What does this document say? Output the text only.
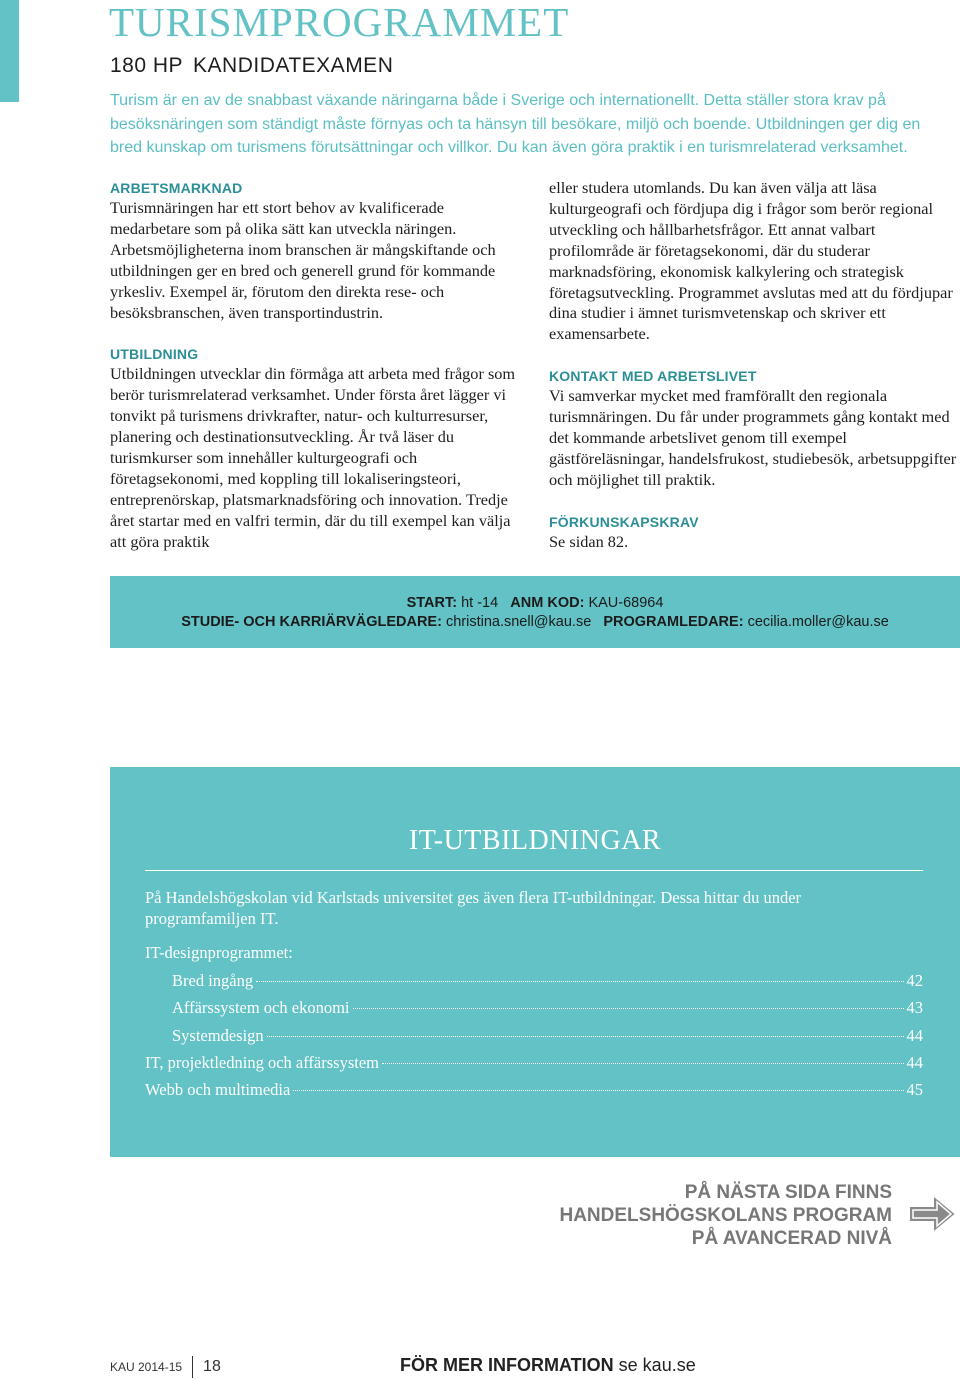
TURISMPROGRAMMET
180 HP KANDIDATEXAMEN

Turism är en av de snabbast växande näringarna både i Sverige och internationellt. Detta ställer stora krav på besöksnäringen som ständigt måste förnyas och ta hänsyn till besökare, miljö och boende. Utbildningen ger dig en bred kunskap om turismens förutsättningar och villkor. Du kan även göra praktik i en turismrelaterad verksamhet.

ARBETSMARKNAD

Turismnäringen har ett stort behov av kvalificerade medarbetare som på olika sätt kan utveckla näringen. Arbetsmöjligheterna inom branschen är mångskiftande och utbildningen ger en bred och generell grund för kommande yrkesliv. Exempel är, förutom den direkta rese- och besöksbranschen, även transportindustrin.

UTBILDNING

Utbildningen utvecklar din förmåga att arbeta med frågor som berör turismrelaterad verksamhet. Under första året lägger vi tonvikt på turismens drivkrafter, natur- och kulturresurser, planering och destinationsutveckling. År två läser du turismkurser som innehåller kulturgeografi och företagsekonomi, med koppling till lokaliseringsteori, entreprenörskap, platsmarknadsföring och innovation. Tredje året startar med en valfri termin, där du till exempel kan välja att göra praktik

eller studera utomlands. Du kan även välja att läsa kulturgeografi och fördjupa dig i frågor som berör regional utveckling och hållbarhetsfrågor. Ett annat valbart profilområde är företagsekonomi, där du studerar marknadsföring, ekonomisk kalkylering och strategisk företagsutveckling. Programmet avslutas med att du fördjupar dina studier i ämnet turismvetenskap och skriver ett examensarbete.

KONTAKT MED ARBETSLIVET

Vi samverkar mycket med framförallt den regionala turismnäringen. Du får under programmets gång kontakt med det kommande arbetslivet genom till exempel gästföreläsningar, handelsfrukost, studiebesök, arbetsuppgifter och möjlighet till praktik.

FÖRKUNSKAPSKRAV

Se sidan 82.

START: ht -14 ANM KOD: KAU-68964
STUDIE- OCH KARRIÄRVÄGLEDARE: christina.snell@kau.se PROGRAMLEDARE: cecilia.moller@kau.se
IT-UTBILDNINGAR

På Handelshögskolan vid Karlstads universitet ges även flera IT-utbildningar. Dessa hittar du under programfamiljen IT.

IT-designprogrammet:
Bred ingång	42
Affärssystem och ekonomi	43
Systemdesign	44
IT, projektledning och affärssystem	44
Webb och multimedia	45
PÅ NÄSTA SIDA FINNS
HANDELSHÖGSKOLANS PROGRAM
PÅ AVANCERAD NIVÅ
KAU 2014-15 18	FÖR MER INFORMATION se kau.se
